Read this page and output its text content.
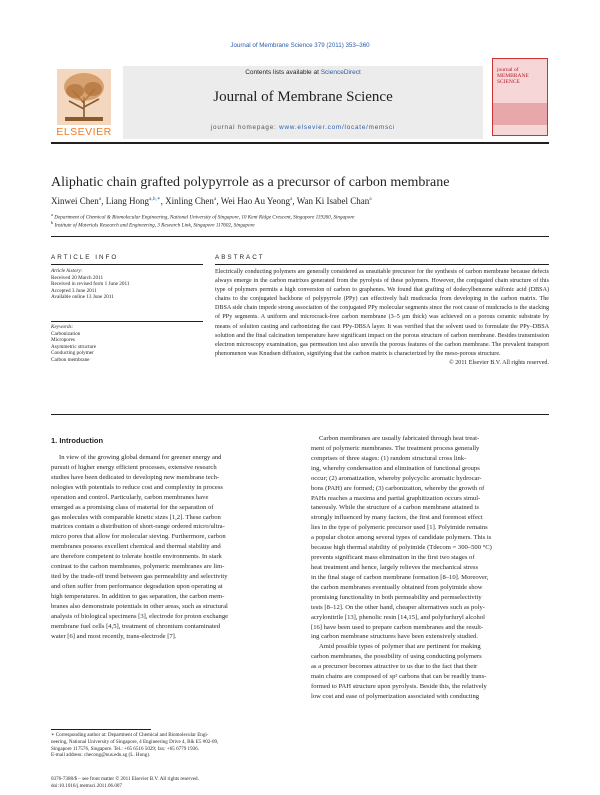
Journal of Membrane Science 379 (2011) 353–360
ELSEVIER
Contents lists available at ScienceDirect
Journal of Membrane Science
journal homepage: www.elsevier.com/locate/memsci
journal of MEMBRANE SCIENCE
Aliphatic chain grafted polypyrrole as a precursor of carbon membrane
Xinwei Chen$^a$, Liang Hong$^{a,b,∗}$, Xinling Chen$^a$, Wei Hao Au Yeong$^a$, Wan Ki Isabel Chan$^a$
$^a$ Department of Chemical & Biomolecular Engineering, National University of Singapore, 10 Kent Ridge Crescent, Singapore 119260, Singapore
$^b$ Institute of Materials Research and Engineering, 3 Research Link, Singapore 117602, Singapore
ARTICLE INFO
Article history:
Received 20 March 2011
Received in revised form 1 June 2011
Accepted 3 June 2011
Available online 13 June 2011
Keywords:
Carbonization
Micropores
Asymmetric structure
Conducting polymer
Carbon membrane
ABSTRACT
Electrically conducting polymers are generally considered as unsuitable precursor for the synthesis of carbon membrane because defects always emerge in the carbon matrixes generated from the pyrolysis of these polymers. However, the conjugated chain structure of this type of polymers permits a high conversion of carbon to graphenes. We found that grafting of dodecylbenzene sulfonic acid (DBSA) chains to the conjugated backbone of polypyrrole (PPy) can effectively halt mudcracks from developing in the carbon matrix. The DBSA side chain impede strong association of the conjugated PPy molecular segments since the root cause of mudcracks is the stacking of PPy segments. A uniform and microcrack-free carbon membrane (3–5 μm thick) was achieved on a porous ceramic substrate by means of solution casting and carbonizing the cast PPy-DBSA layer. It was verified that the solvent used to formulate the PPy–DBSA solution and the final calcination temperature have significant impact on the porous structure of carbon membrane. Besides transmission electron microscopy examination, gas permeation test also unveils the porous features of the carbon membrane. The prevalent transport phenomenon was Knudsen diffusion, signifying that the carbon matrix is characterized by the meso-porous structure.
© 2011 Elsevier B.V. All rights reserved.
1. Introduction
In view of the growing global demand for greener energy and
pursuit of higher energy efficient processes, extensive research
studies have been dedicated to developing new membrane tech-
nologies with potentials to reduce cost and complexity in process
operation and control. Particularly, carbon membranes have
emerged as a promising class of material for the separation of
gas molecules with comparable kinetic sizes [1,2]. These carbon
matrices contain a distribution of short-range ordered micro/ultra-
micro pores that allow for molecular sieving. Furthermore, carbon
membranes possess excellent chemical and thermal stability and
are therefore competent to tolerate hostile environments. In stark
contrast to the carbon membranes, polymeric membranes are lim-
ited by the trade-off trend between gas permeability and selectivity
and often suffer from performance degradation upon operating at
high temperatures. In addition to gas separation, the carbon mem-
branes also demonstrate potentials in other areas, such as structural
analysis of biological specimens [3], electrode for proton exchange
membrane fuel cells [4,5], treatment of chromium contaminated
water [6] and most recently, trans-electrode [7].
Carbon membranes are usually fabricated through heat treat-
ment of polymeric membranes. The treatment process generally
comprises of three stages: (1) random structural cross link-
ing, whereby condensation and elimination of functional groups
occur; (2) aromatization, whereby polycyclic aromatic hydrocar-
bons (PAH) are formed; (3) carbonization, whereby the growth of
PAHs reaches a maxima and partial graphitization occurs simul-
taneously. While the structure of a carbon membrane attained is
strongly influenced by many factors, the first and foremost effect
lies in the type of polymeric precursor used [1]. Polyimide remains
a popular choice among several types of candidate polymers. This is
because high thermal stability of polyimide (Tdecom = 300–500 °C)
prevents significant mass elimination in the first two stages of
heat treatment and hence, largely relieves the mechanical stress
in the final stage of carbon membrane formation [8–10]. Moreover,
the carbon membranes eventually obtained from polyimide show
promising functionality in both permeability and permselectivity
tests [8–12]. On the other hand, cheaper alternatives such as poly-
acrylonitrile [13], phenolic resin [14,15], and polyfurfuryl alcohol
[16] have been used to prepare carbon membranes and the result-
ing carbon membrane structures have been extensively studied.
Amid possible types of polymer that are pertinent for making
carbon membranes, the possibility of using conducting polymers
as a precursor becomes attractive to us due to the fact that their
main chains are composed of sp² carbons that can be readily trans-
formed to PAH structure upon pyrolysis. Beside this, the relatively
low cost and ease of polymerization associated with conducting
∗ Corresponding author at: Department of Chemical and Biomolecular Engi-
neering, National University of Singapore, 4 Engineering Drive 4, Blk E5 #02-09,
Singapore 117576, Singapore. Tel.: +65 6516 5029; fax: +65 6779 1936.
E-mail address: checong@nus.edu.sg (L. Hong).
0376-7388/$ – see front matter © 2011 Elsevier B.V. All rights reserved.
doi:10.1016/j.memsci.2011.06.007
